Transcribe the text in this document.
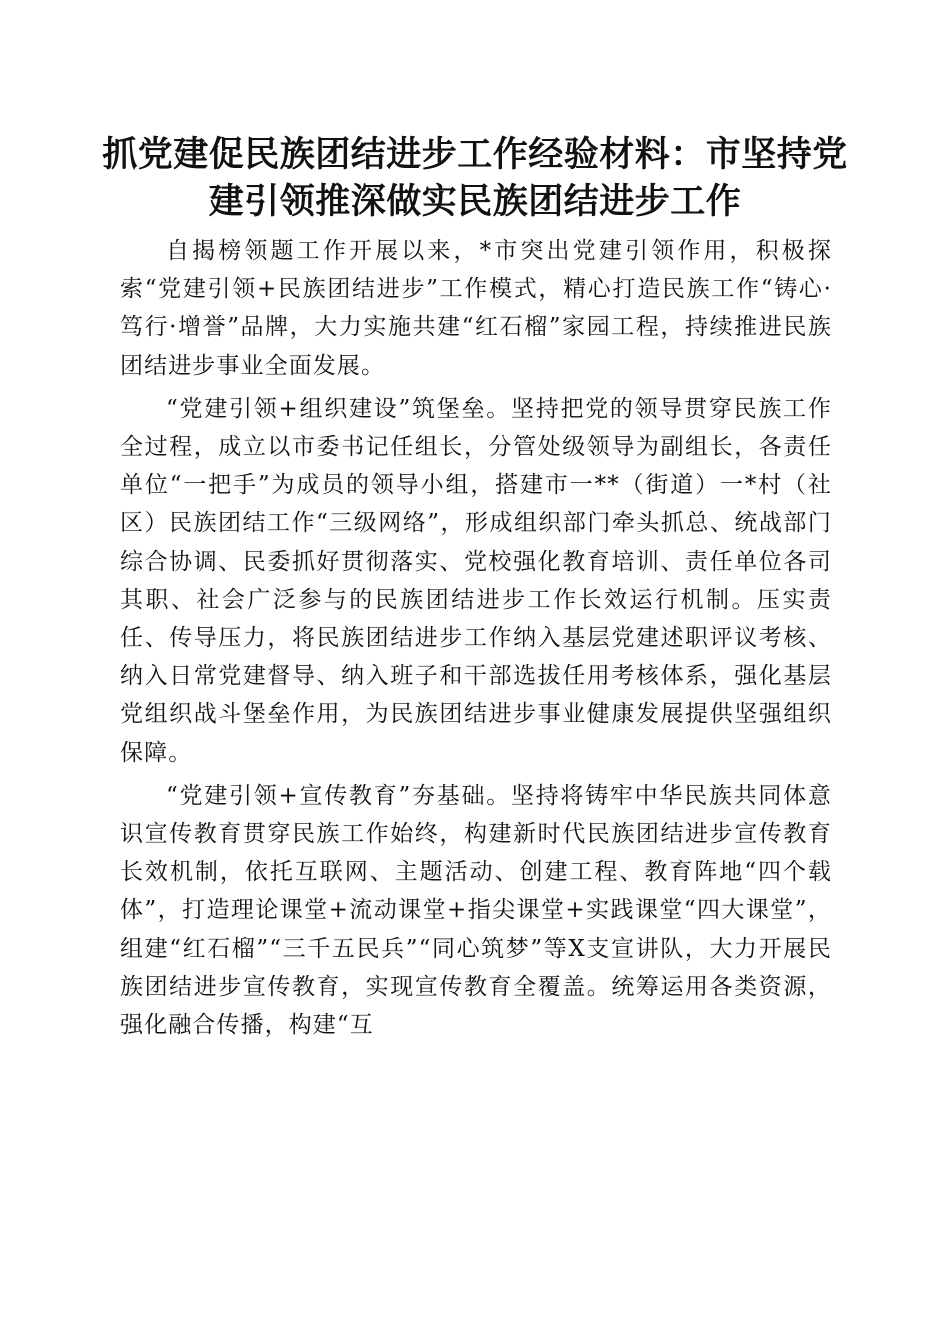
抓党建促民族团结进步工作经验材料：市坚持党建引领推深做实民族团结进步工作

自揭榜领题工作开展以来，*市突出党建引领作用，积极探索“党建引领+民族团结进步”工作模式，精心打造民族工作“铸心·笃行·增誉”品牌，大力实施共建“红石榴”家园工程，持续推进民族团结进步事业全面发展。

“党建引领+组织建设”筑堡垒。坚持把党的领导贯穿民族工作全过程，成立以市委书记任组长，分管处级领导为副组长，各责任单位“一把手”为成员的领导小组，搭建市一**（街道）一*村（社区）民族团结工作“三级网络”，形成组织部门牵头抓总、统战部门综合协调、民委抓好贯彻落实、党校强化教育培训、责任单位各司其职、社会广泛参与的民族团结进步工作长效运行机制。压实责任、传导压力，将民族团结进步工作纳入基层党建述职评议考核、纳入日常党建督导、纳入班子和干部选拔任用考核体系，强化基层党组织战斗堡垒作用，为民族团结进步事业健康发展提供坚强组织保障。

“党建引领+宣传教育”夯基础。坚持将铸牢中华民族共同体意识宣传教育贯穿民族工作始终，构建新时代民族团结进步宣传教育长效机制，依托互联网、主题活动、创建工程、教育阵地“四个载体”，打造理论课堂+流动课堂+指尖课堂+实践课堂“四大课堂”，组建“红石榴”“三千五民兵”“同心筑梦”等X支宣讲队，大力开展民族团结进步宣传教育，实现宣传教育全覆盖。统筹运用各类资源，强化融合传播，构建“互
